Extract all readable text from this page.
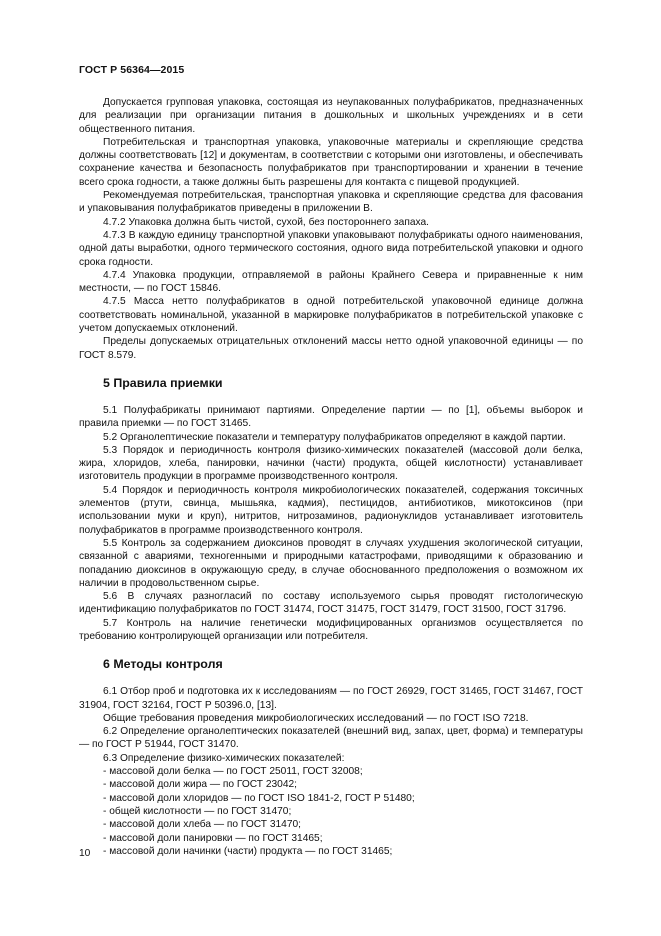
ГОСТ Р 56364—2015

Допускается групповая упаковка, состоящая из неупакованных полуфабрикатов, предназначенных для реализации при организации питания в дошкольных и школьных учреждениях и в сети общественного питания.

Потребительская и транспортная упаковка, упаковочные материалы и скрепляющие средства должны соответствовать [12] и документам, в соответствии с которыми они изготовлены, и обеспечивать сохранение качества и безопасность полуфабрикатов при транспортировании и хранении в течение всего срока годности, а также должны быть разрешены для контакта с пищевой продукцией.

Рекомендуемая потребительская, транспортная упаковка и скрепляющие средства для фасования и упаковывания полуфабрикатов приведены в приложении В.

4.7.2 Упаковка должна быть чистой, сухой, без постороннего запаха.

4.7.3 В каждую единицу транспортной упаковки упаковывают полуфабрикаты одного наименования, одной даты выработки, одного термического состояния, одного вида потребительской упаковки и одного срока годности.

4.7.4 Упаковка продукции, отправляемой в районы Крайнего Севера и приравненные к ним местности, — по ГОСТ 15846.

4.7.5 Масса нетто полуфабрикатов в одной потребительской упаковочной единице должна соответствовать номинальной, указанной в маркировке полуфабрикатов в потребительской упаковке с учетом допускаемых отклонений.

Пределы допускаемых отрицательных отклонений массы нетто одной упаковочной единицы — по ГОСТ 8.579.

5 Правила приемки

5.1 Полуфабрикаты принимают партиями. Определение партии — по [1], объемы выборок и правила приемки — по ГОСТ 31465.

5.2 Органолептические показатели и температуру полуфабрикатов определяют в каждой партии.

5.3 Порядок и периодичность контроля физико-химических показателей (массовой доли белка, жира, хлоридов, хлеба, панировки, начинки (части) продукта, общей кислотности) устанавливает изготовитель продукции в программе производственного контроля.

5.4 Порядок и периодичность контроля микробиологических показателей, содержания токсичных элементов (ртути, свинца, мышьяка, кадмия), пестицидов, антибиотиков, микотоксинов (при использовании муки и круп), нитритов, нитрозаминов, радионуклидов устанавливает изготовитель полуфабрикатов в программе производственного контроля.

5.5 Контроль за содержанием диоксинов проводят в случаях ухудшения экологической ситуации, связанной с авариями, техногенными и природными катастрофами, приводящими к образованию и попаданию диоксинов в окружающую среду, в случае обоснованного предположения о возможном их наличии в продовольственном сырье.

5.6 В случаях разногласий по составу используемого сырья проводят гистологическую идентификацию полуфабрикатов по ГОСТ 31474, ГОСТ 31475, ГОСТ 31479, ГОСТ 31500, ГОСТ 31796.

5.7 Контроль на наличие генетически модифицированных организмов осуществляется по требованию контролирующей организации или потребителя.

6 Методы контроля

6.1 Отбор проб и подготовка их к исследованиям — по ГОСТ 26929, ГОСТ 31465, ГОСТ 31467, ГОСТ 31904, ГОСТ 32164, ГОСТ Р 50396.0, [13].

Общие требования проведения микробиологических исследований — по ГОСТ ISO 7218.

6.2 Определение органолептических показателей (внешний вид, запах, цвет, форма) и температуры — по ГОСТ Р 51944, ГОСТ 31470.

6.3 Определение физико-химических показателей:

- массовой доли белка — по ГОСТ 25011, ГОСТ 32008;

- массовой доли жира — по ГОСТ 23042;

- массовой доли хлоридов — по ГОСТ ISO 1841-2, ГОСТ Р 51480;

- общей кислотности — по ГОСТ 31470;

- массовой доли хлеба — по ГОСТ 31470;

- массовой доли панировки — по ГОСТ 31465;

- массовой доли начинки (части) продукта — по ГОСТ 31465;

10
